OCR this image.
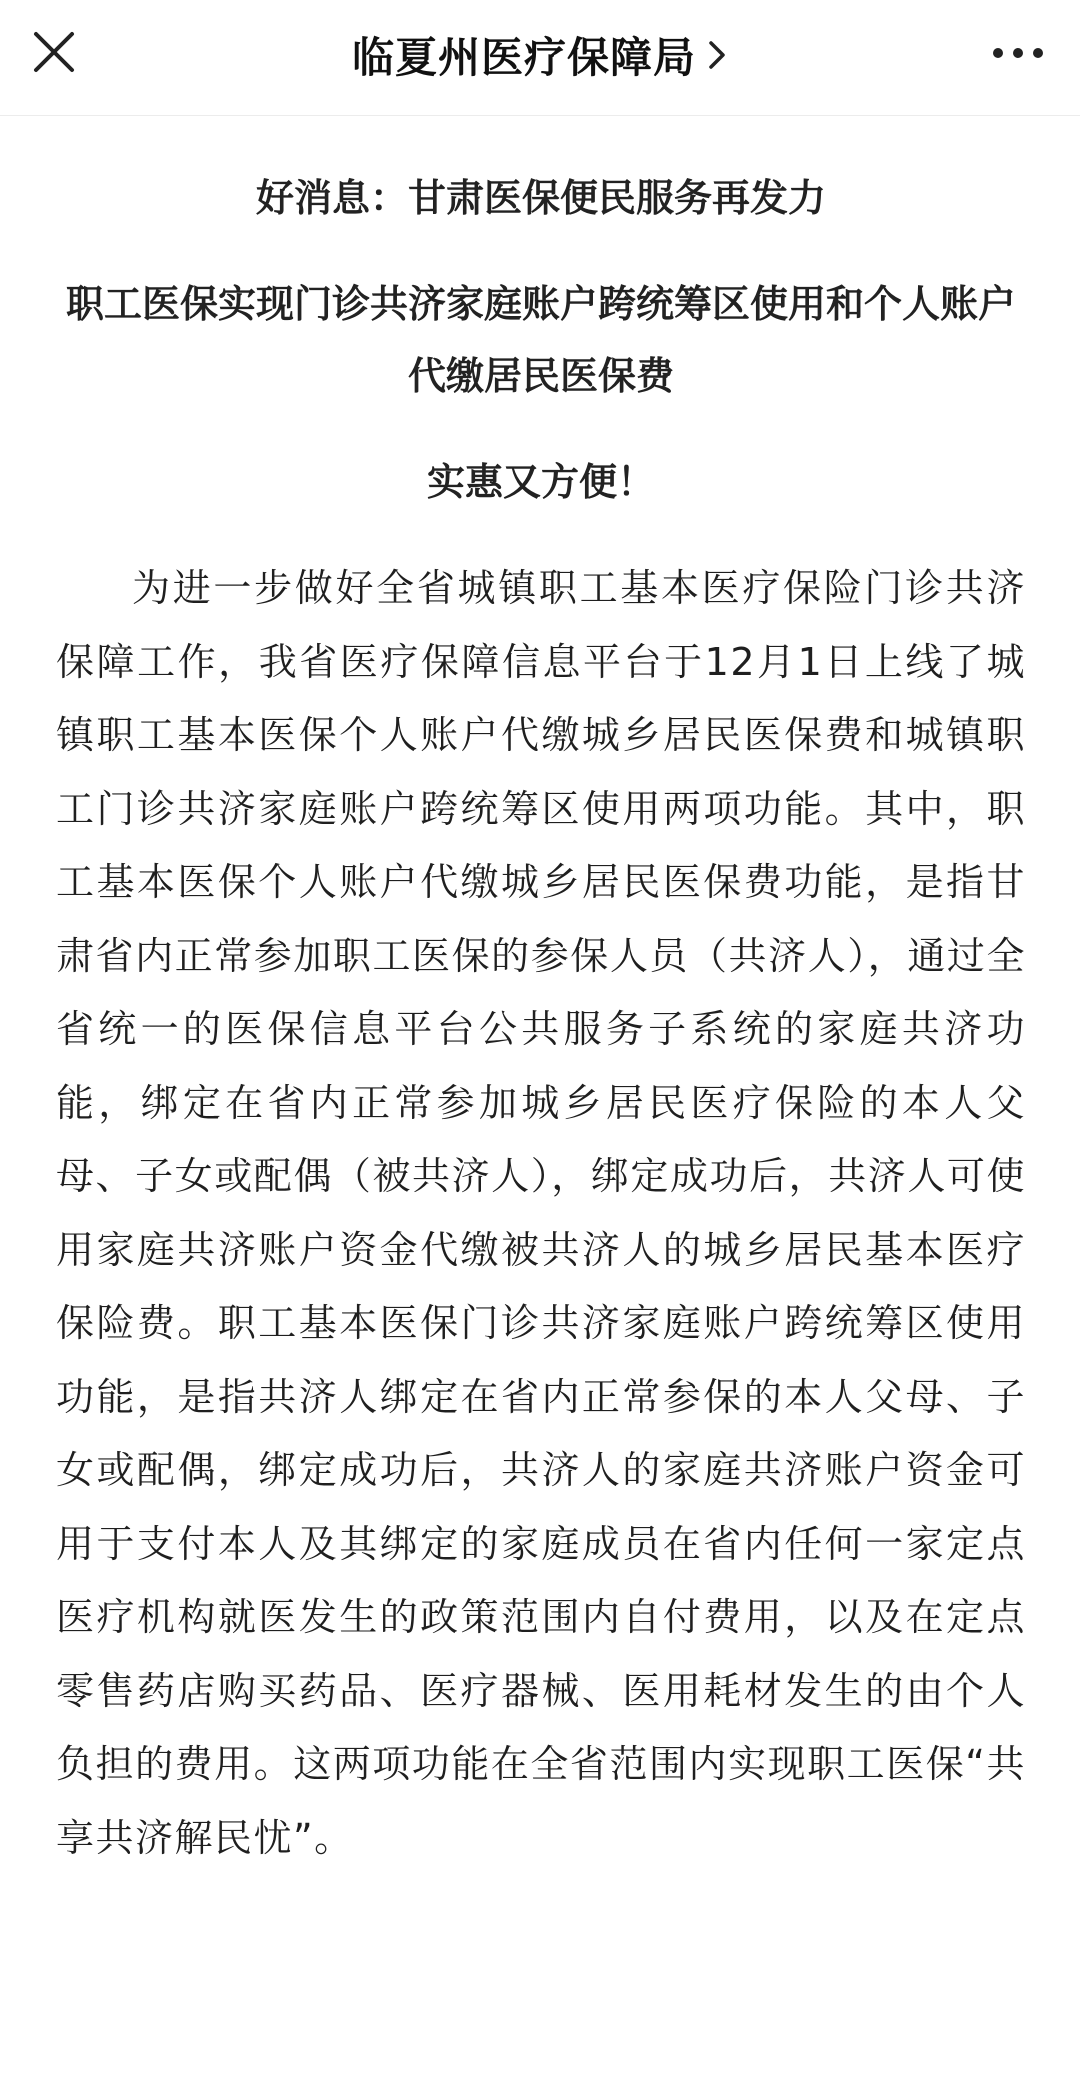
临夏州医疗保障局
好消息：甘肃医保便民服务再发力
职工医保实现门诊共济家庭账户跨统筹区使用和个人账户代缴居民医保费
实惠又方便！

为进一步做好全省城镇职工基本医疗保险门诊共济保障工作，我省医疗保障信息平台于12月1日上线了城镇职工基本医保个人账户代缴城乡居民医保费和城镇职工门诊共济家庭账户跨统筹区使用两项功能。其中，职工基本医保个人账户代缴城乡居民医保费功能，是指甘肃省内正常参加职工医保的参保人员（共济人），通过全省统一的医保信息平台公共服务子系统的家庭共济功能，绑定在省内正常参加城乡居民医疗保险的本人父母、子女或配偶（被共济人），绑定成功后，共济人可使用家庭共济账户资金代缴被共济人的城乡居民基本医疗保险费。职工基本医保门诊共济家庭账户跨统筹区使用功能，是指共济人绑定在省内正常参保的本人父母、子女或配偶，绑定成功后，共济人的家庭共济账户资金可用于支付本人及其绑定的家庭成员在省内任何一家定点医疗机构就医发生的政策范围内自付费用，以及在定点零售药店购买药品、医疗器械、医用耗材发生的由个人负担的费用。这两项功能在全省范围内实现职工医保“共享共济解民忧”。
